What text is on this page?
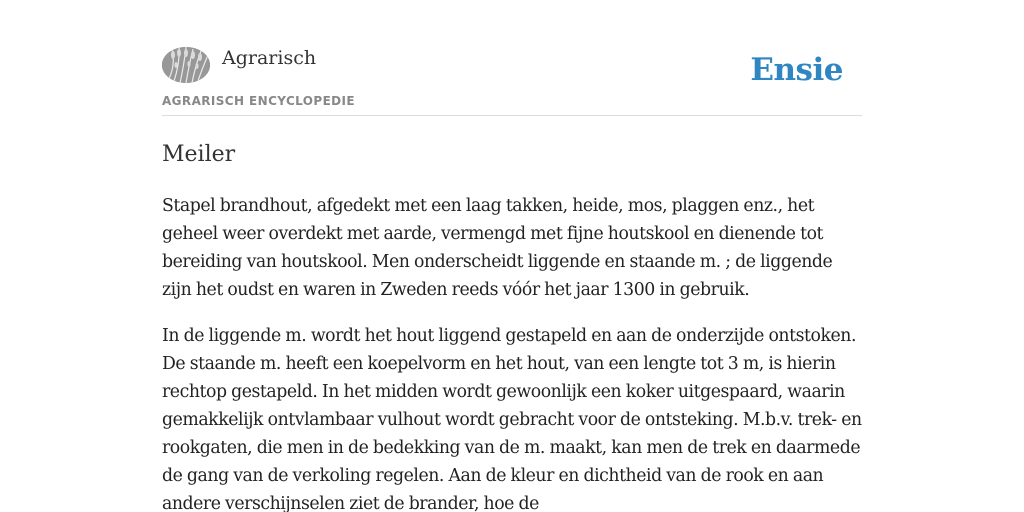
Agrarisch
AGRARISCH ENCYCLOPEDIE
Ensie
Meiler

Stapel brandhout, afgedekt met een laag takken, heide, mos, plaggen enz., het geheel weer overdekt met aarde, vermengd met fijne houtskool en dienende tot bereiding van houtskool. Men onderscheidt liggende en staande m. ; de liggende zijn het oudst en waren in Zweden reeds vóór het jaar 1300 in gebruik.

In de liggende m. wordt het hout liggend gestapeld en aan de onderzijde ontstoken. De staande m. heeft een koepelvorm en het hout, van een lengte tot 3 m, is hierin rechtop gestapeld. In het midden wordt gewoonlijk een koker uitgespaard, waarin gemakkelijk ontvlambaar vulhout wordt gebracht voor de ontsteking. M.b.v. trek- en rookgaten, die men in de bedekking van de m. maakt, kan men de trek en daarmede de gang van de verkoling regelen. Aan de kleur en dichtheid van de rook en aan andere verschijnselen ziet de brander, hoe de
